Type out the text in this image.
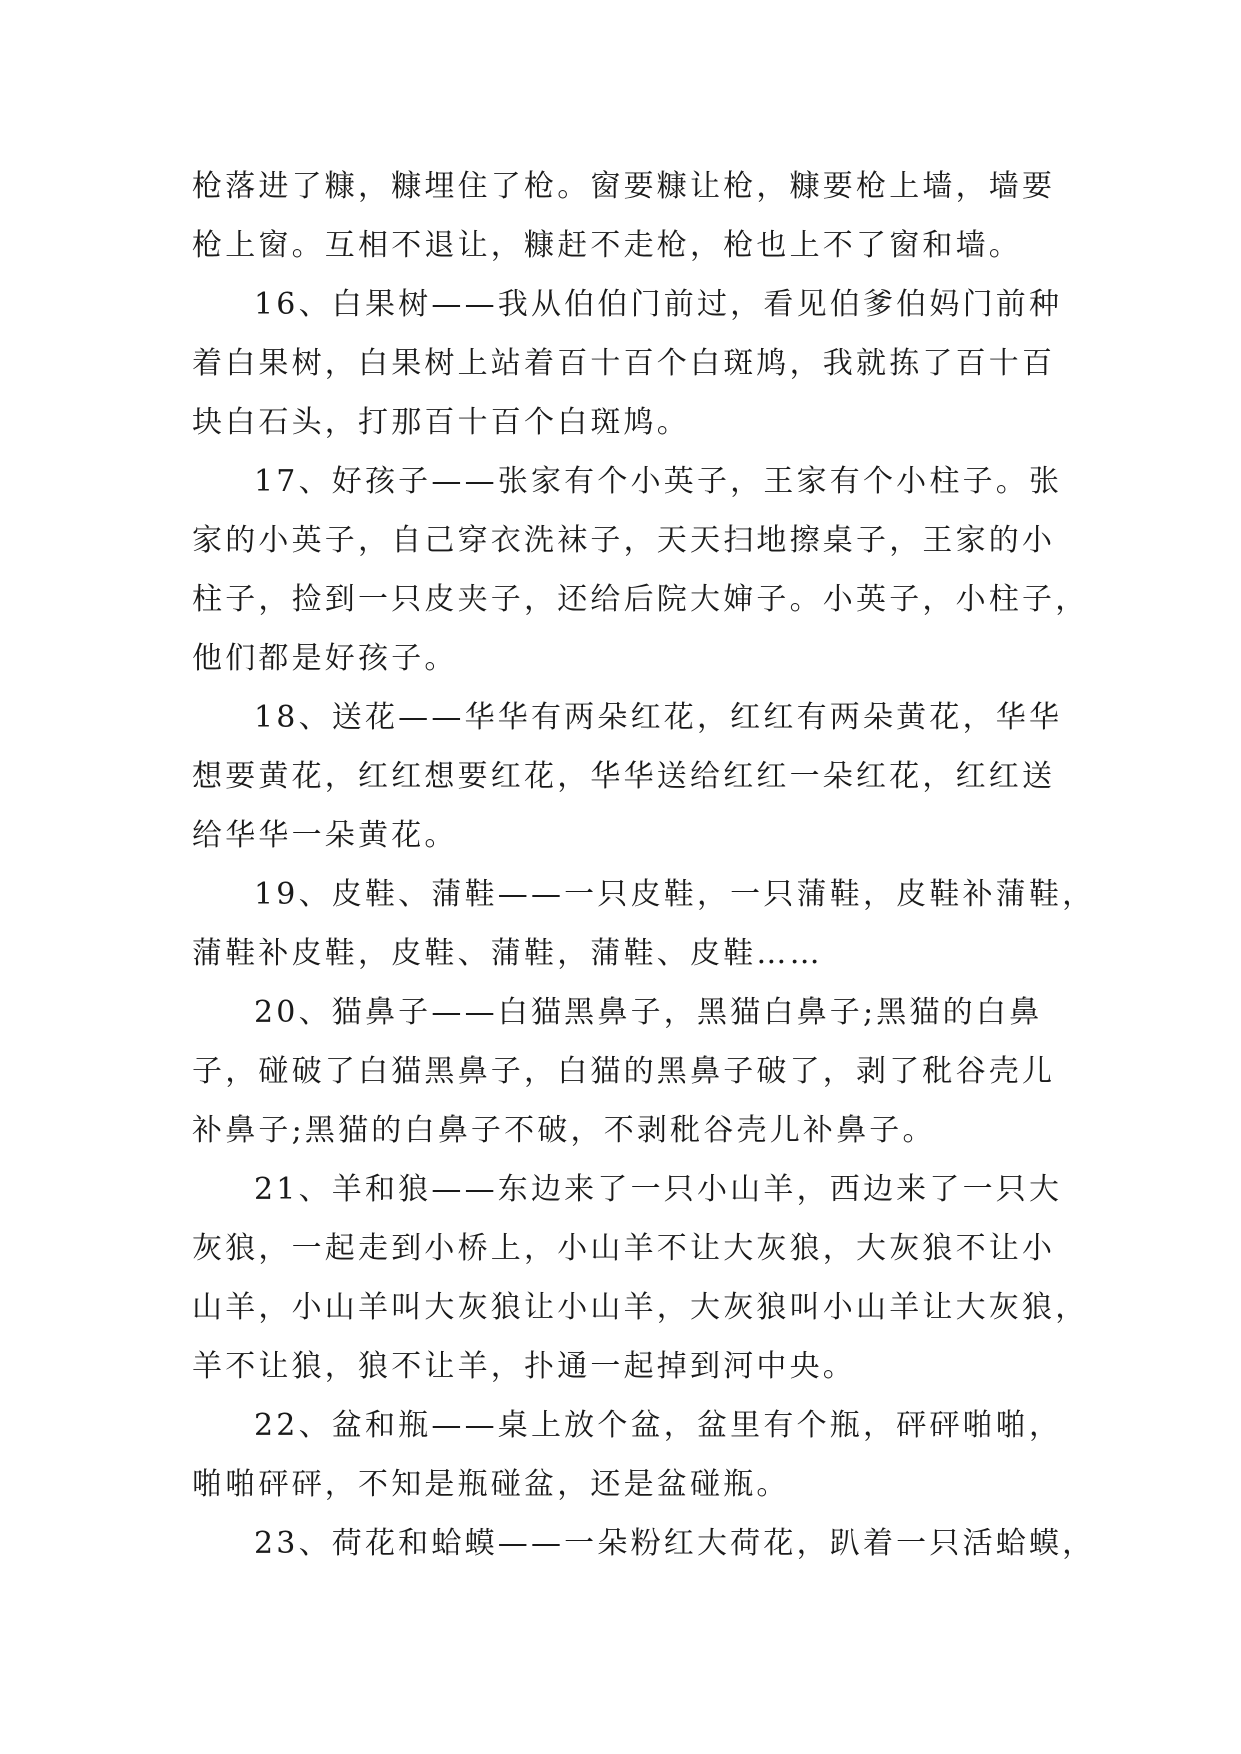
枪落进了糠，糠埋住了枪。窗要糠让枪，糠要枪上墙，墙要
枪上窗。互相不退让，糠赶不走枪，枪也上不了窗和墙。
16、白果树——我从伯伯门前过，看见伯爹伯妈门前种
着白果树，白果树上站着百十百个白斑鸠，我就拣了百十百
块白石头，打那百十百个白斑鸠。
17、好孩子——张家有个小英子，王家有个小柱子。张
家的小英子，自己穿衣洗袜子，天天扫地擦桌子，王家的小
柱子，捡到一只皮夹子，还给后院大婶子。小英子，小柱子，
他们都是好孩子。
18、送花——华华有两朵红花，红红有两朵黄花，华华
想要黄花，红红想要红花，华华送给红红一朵红花，红红送
给华华一朵黄花。
19、皮鞋、蒲鞋——一只皮鞋，一只蒲鞋，皮鞋补蒲鞋，
蒲鞋补皮鞋，皮鞋、蒲鞋，蒲鞋、皮鞋……
20、猫鼻子——白猫黑鼻子，黑猫白鼻子;黑猫的白鼻
子，碰破了白猫黑鼻子，白猫的黑鼻子破了，剥了秕谷壳儿
补鼻子;黑猫的白鼻子不破，不剥秕谷壳儿补鼻子。
21、羊和狼——东边来了一只小山羊，西边来了一只大
灰狼，一起走到小桥上，小山羊不让大灰狼，大灰狼不让小
山羊，小山羊叫大灰狼让小山羊，大灰狼叫小山羊让大灰狼，
羊不让狼，狼不让羊，扑通一起掉到河中央。
22、盆和瓶——桌上放个盆，盆里有个瓶，砰砰啪啪，
啪啪砰砰，不知是瓶碰盆，还是盆碰瓶。
23、荷花和蛤蟆——一朵粉红大荷花，趴着一只活蛤蟆，
